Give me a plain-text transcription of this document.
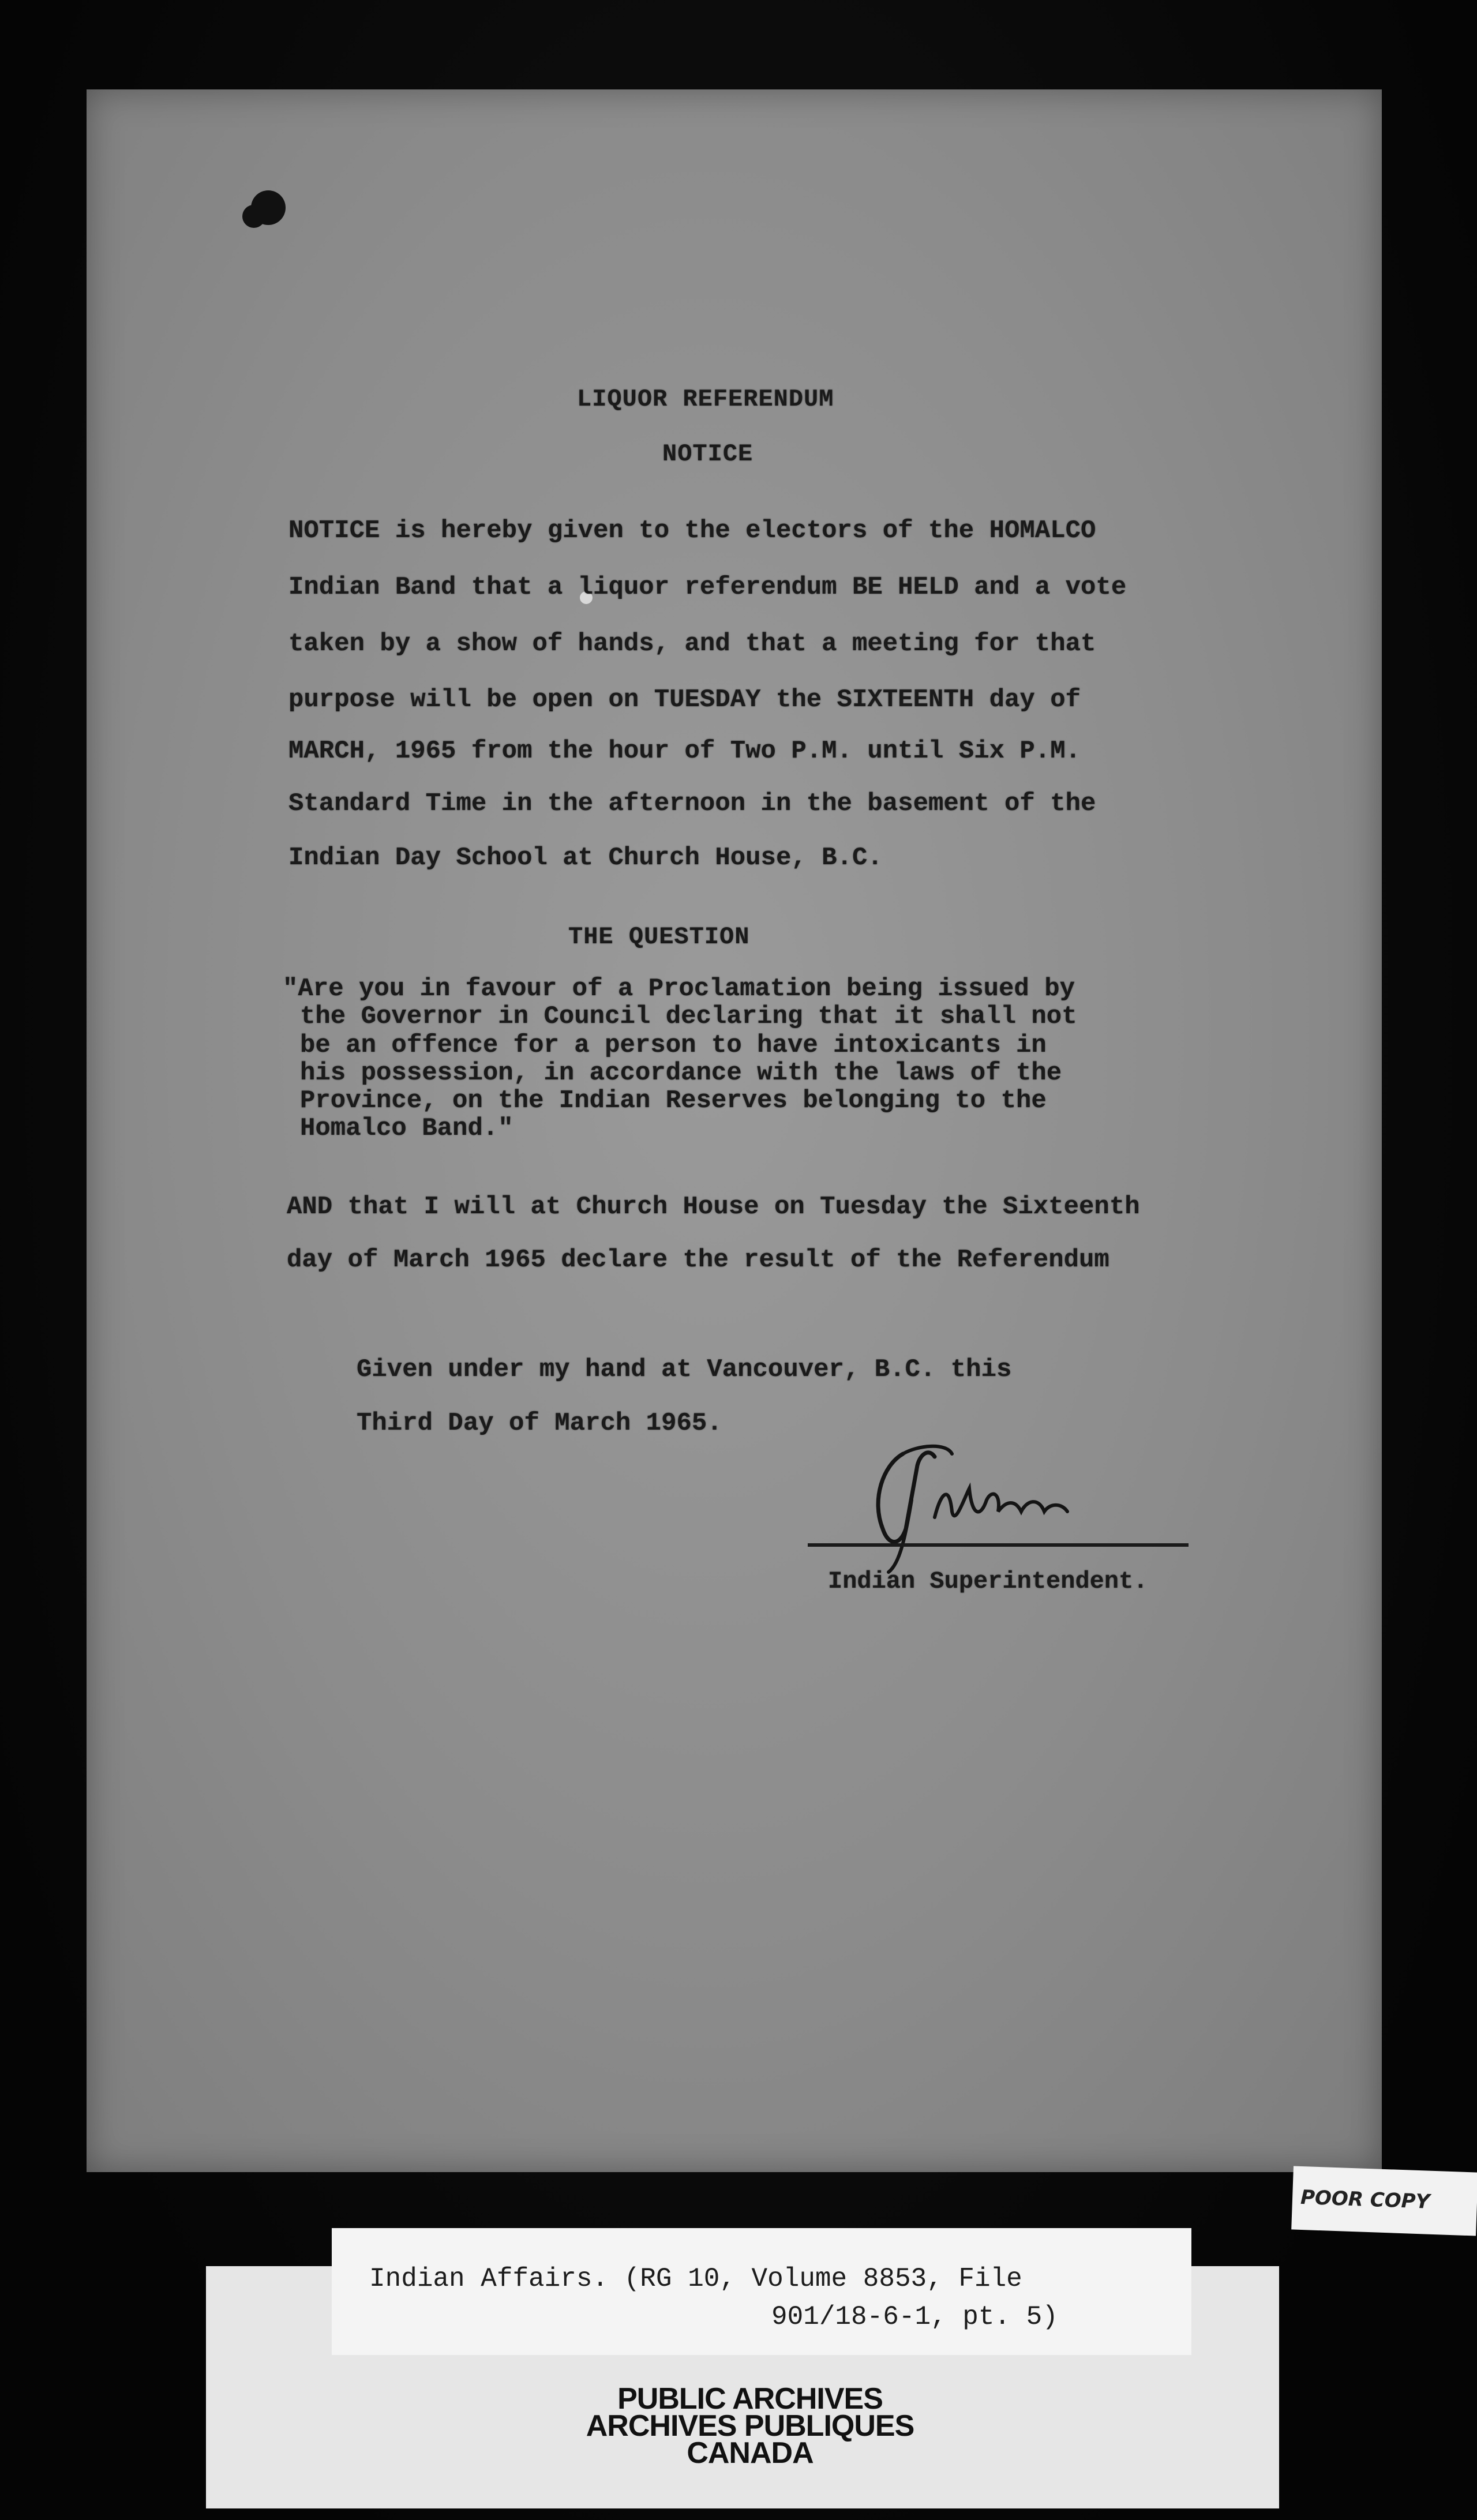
LIQUOR REFERENDUM
NOTICE
NOTICE is hereby given to the electors of the HOMALCO
Indian Band that a liquor referendum BE HELD and a vote
taken by a show of hands, and that a meeting for that
purpose will be open on TUESDAY the SIXTEENTH day of
MARCH, 1965 from the hour of Two P.M. until Six P.M.
Standard Time in the afternoon in the basement of the
Indian Day School at Church House, B.C.
THE QUESTION
"Are you in favour of a Proclamation being issued by
the Governor in Council declaring that it shall not
be an offence for a person to have intoxicants in
his possession, in accordance with the laws of the
Province, on the Indian Reserves belonging to the
Homalco Band."
AND that I will at Church House on Tuesday the Sixteenth
day of March 1965 declare the result of the Referendum
Given under my hand at Vancouver, B.C. this
Third Day of March 1965.
Indian Superintendent.
Indian Affairs. (RG 10, Volume 8853, File
901/18-6-1, pt. 5)
PUBLIC ARCHIVES
ARCHIVES PUBLIQUES
CANADA
POOR COPY
